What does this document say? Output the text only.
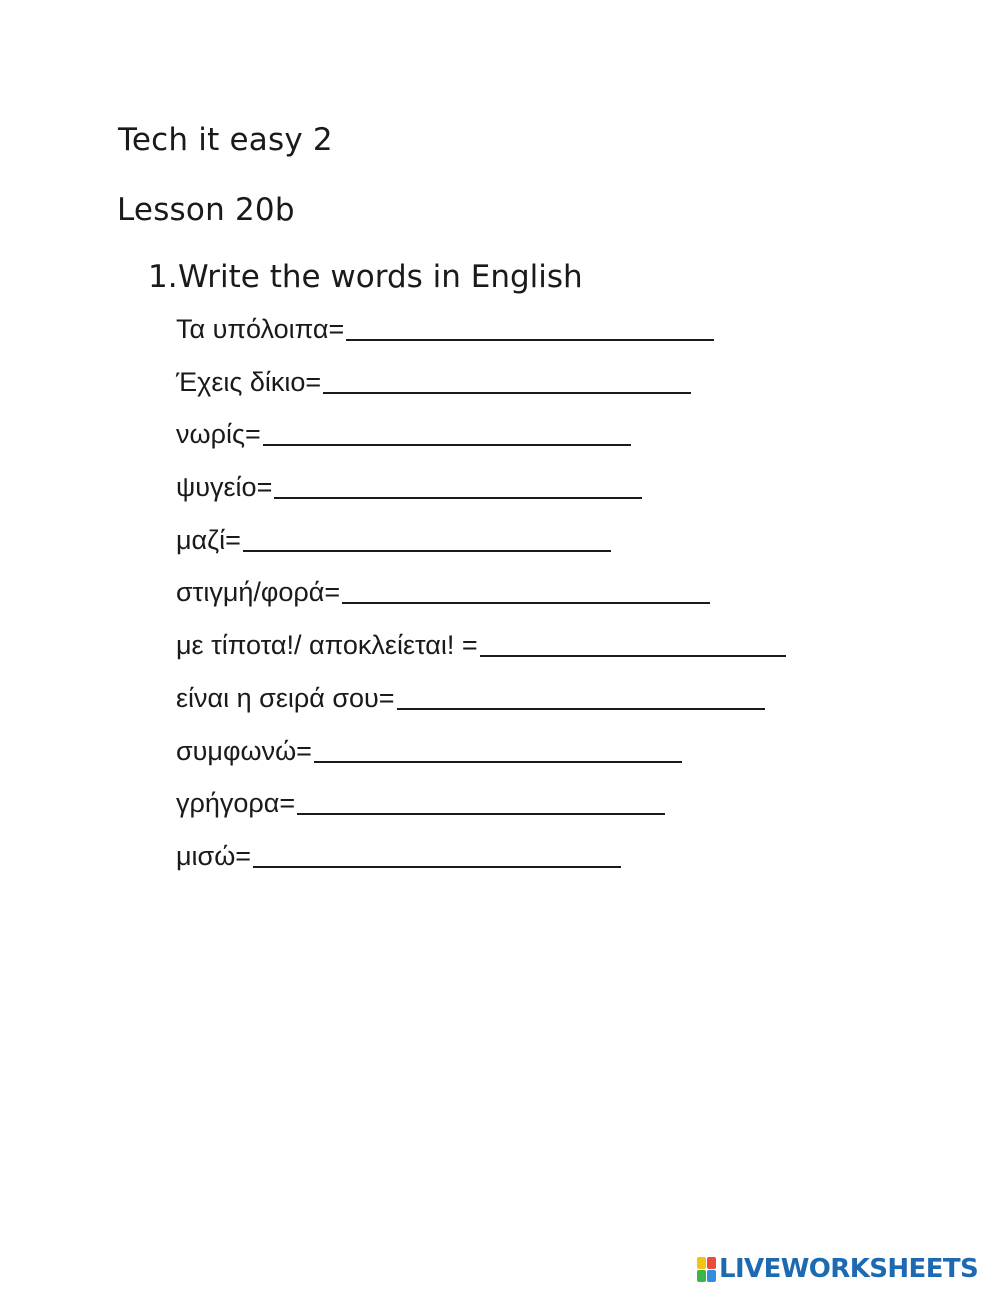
Tech it easy 2
Lesson 20b
1.Write the words in English
Τα υπόλοιπα=
Έχεις δίκιο=
νωρίς=
ψυγείο=
μαζί=
στιγμή/φορά=
με τίποτα!/ αποκλείεται! =
είναι η σειρά σου=
συμφωνώ=
γρήγορα=
μισώ=
LIVEWORKSHEETS
